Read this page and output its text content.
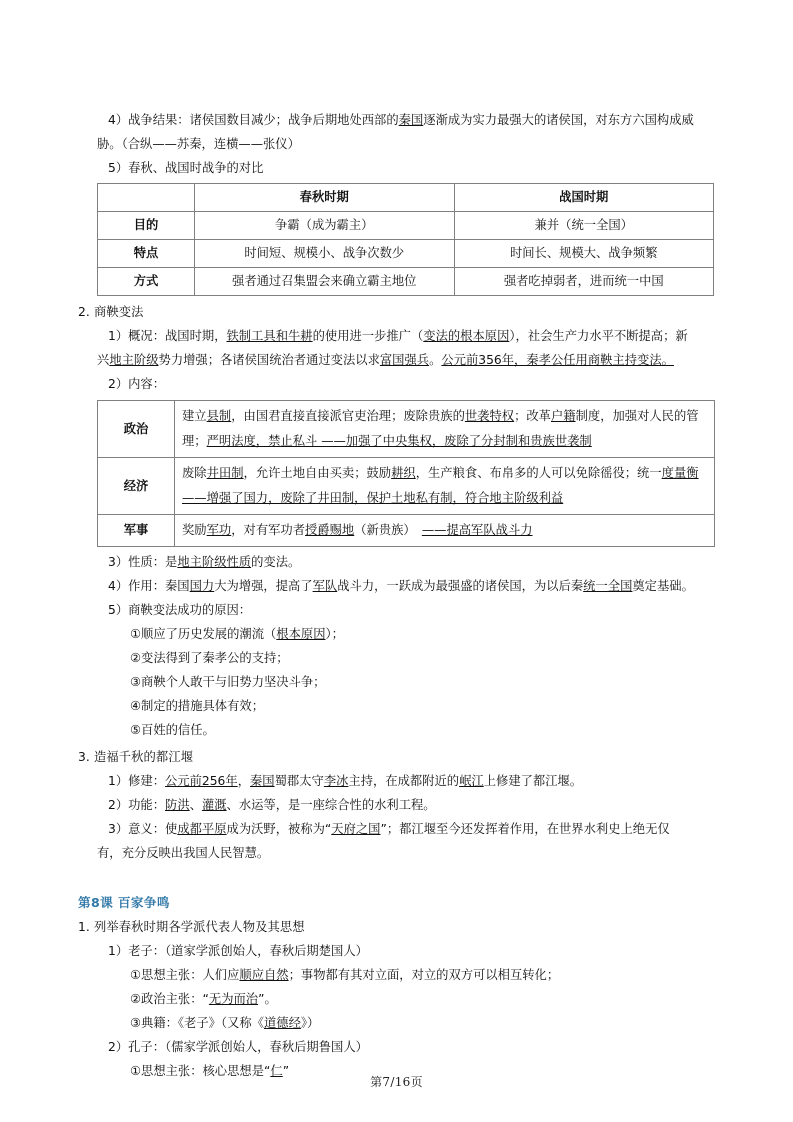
4）战争结果：诸侯国数目减少；战争后期地处西部的秦国逐渐成为实力最强大的诸侯国，对东方六国构成威
胁。（合纵——苏秦，连横——张仪）
5）春秋、战国时战争的对比
	春秋时期	战国时期
目的	争霸（成为霸主）	兼并（统一全国）
特点	时间短、规模小、战争次数少	时间长、规模大、战争频繁
方式	强者通过召集盟会来确立霸主地位	强者吃掉弱者，进而统一中国
2. 商鞅变法
1）概况：战国时期，铁制工具和牛耕的使用进一步推广（变法的根本原因），社会生产力水平不断提高；新
兴地主阶级势力增强；各诸侯国统治者通过变法以求富国强兵。公元前356年，秦孝公任用商鞅主持变法。
2）内容：
政治	建立县制，由国君直接直接派官吏治理；废除贵族的世袭特权；改革户籍制度，加强对人民的管
理；严明法度，禁止私斗 ——加强了中央集权，废除了分封制和贵族世袭制

经济	废除井田制，允许土地自由买卖；鼓励耕织，生产粮食、布帛多的人可以免除徭役；统一度量衡
——增强了国力，废除了井田制，保护土地私有制，符合地主阶级利益

军事	奖励军功，对有军功者授爵赐地（新贵族）　——提高军队战斗力
3）性质：是地主阶级性质的变法。
4）作用：秦国国力大为增强，提高了军队战斗力，一跃成为最强盛的诸侯国，为以后秦统一全国奠定基础。
5）商鞅变法成功的原因：
①顺应了历史发展的潮流（根本原因）；
②变法得到了秦孝公的支持；
③商鞅个人敢干与旧势力坚决斗争；
④制定的措施具体有效；
⑤百姓的信任。
3. 造福千秋的都江堰
1）修建：公元前256年，秦国蜀郡太守李冰主持，在成都附近的岷江上修建了都江堰。
2）功能：防洪、灌溉、水运等，是一座综合性的水利工程。
3）意义：使成都平原成为沃野，被称为“天府之国”；都江堰至今还发挥着作用，在世界水利史上绝无仅
有，充分反映出我国人民智慧。
第8课 百家争鸣
1. 列举春秋时期各学派代表人物及其思想
1）老子：（道家学派创始人，春秋后期楚国人）
①思想主张：人们应顺应自然；事物都有其对立面，对立的双方可以相互转化；
②政治主张：“无为而治”。
③典籍：《老子》（又称《道德经》）
2）孔子：（儒家学派创始人，春秋后期鲁国人）
①思想主张：核心思想是“仁”
第7/16页
